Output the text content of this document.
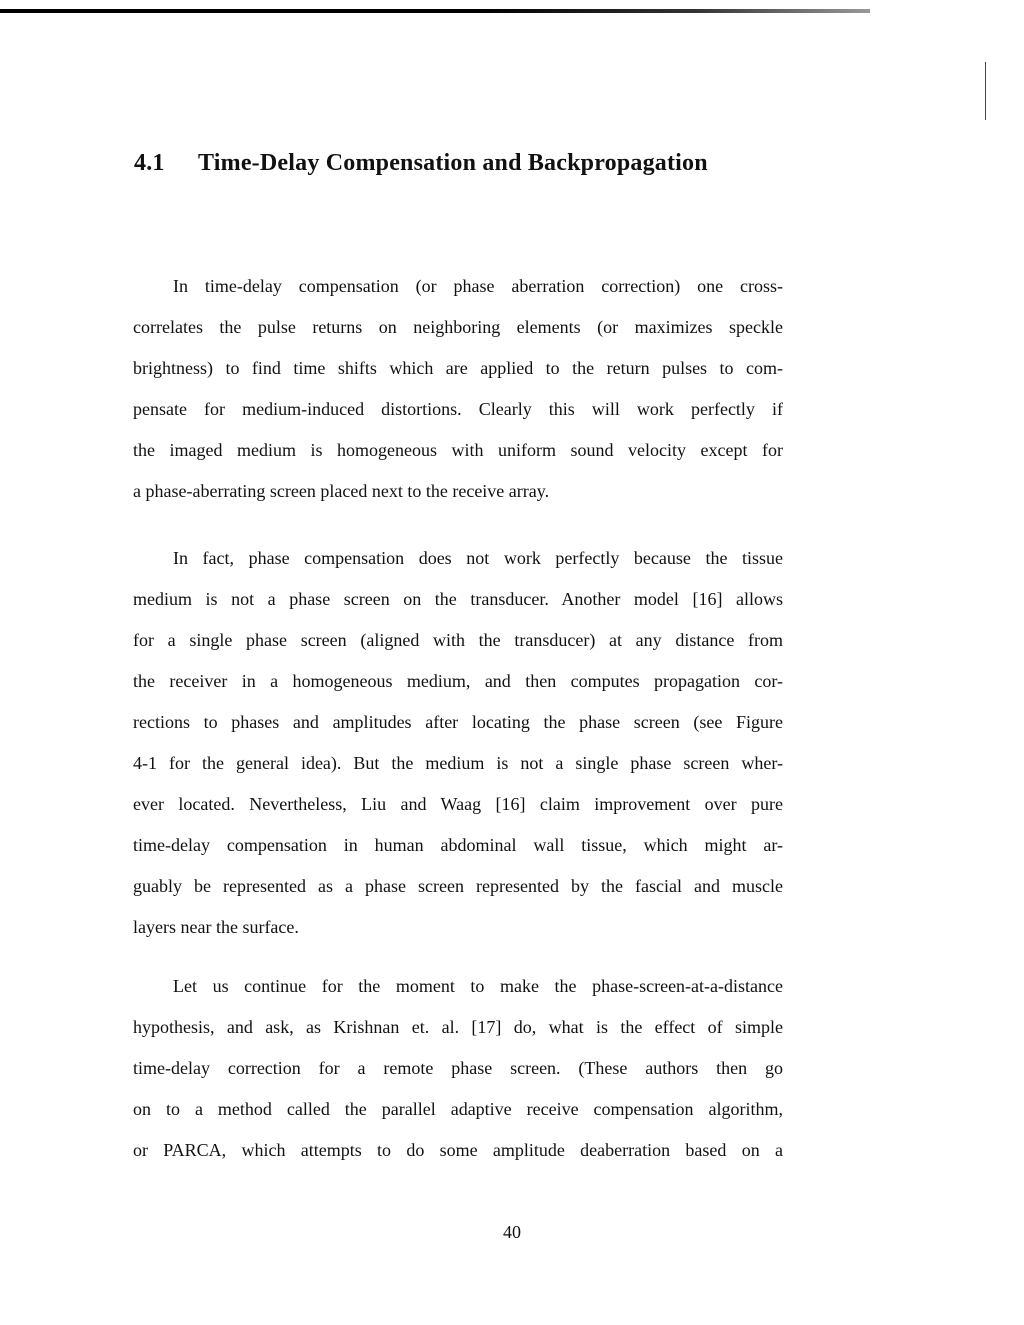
4.1 Time-Delay Compensation and Backpropagation

In time-delay compensation (or phase aberration correction) one cross-
correlates the pulse returns on neighboring elements (or maximizes speckle
brightness) to find time shifts which are applied to the return pulses to com-
pensate for medium-induced distortions. Clearly this will work perfectly if
the imaged medium is homogeneous with uniform sound velocity except for
a phase-aberrating screen placed next to the receive array.

In fact, phase compensation does not work perfectly because the tissue
medium is not a phase screen on the transducer. Another model [16] allows
for a single phase screen (aligned with the transducer) at any distance from
the receiver in a homogeneous medium, and then computes propagation cor-
rections to phases and amplitudes after locating the phase screen (see Figure
4-1 for the general idea). But the medium is not a single phase screen wher-
ever located. Nevertheless, Liu and Waag [16] claim improvement over pure
time-delay compensation in human abdominal wall tissue, which might ar-
guably be represented as a phase screen represented by the fascial and muscle
layers near the surface.

Let us continue for the moment to make the phase-screen-at-a-distance
hypothesis, and ask, as Krishnan et. al. [17] do, what is the effect of simple
time-delay correction for a remote phase screen. (These authors then go
on to a method called the parallel adaptive receive compensation algorithm,
or PARCA, which attempts to do some amplitude deaberration based on a

40
